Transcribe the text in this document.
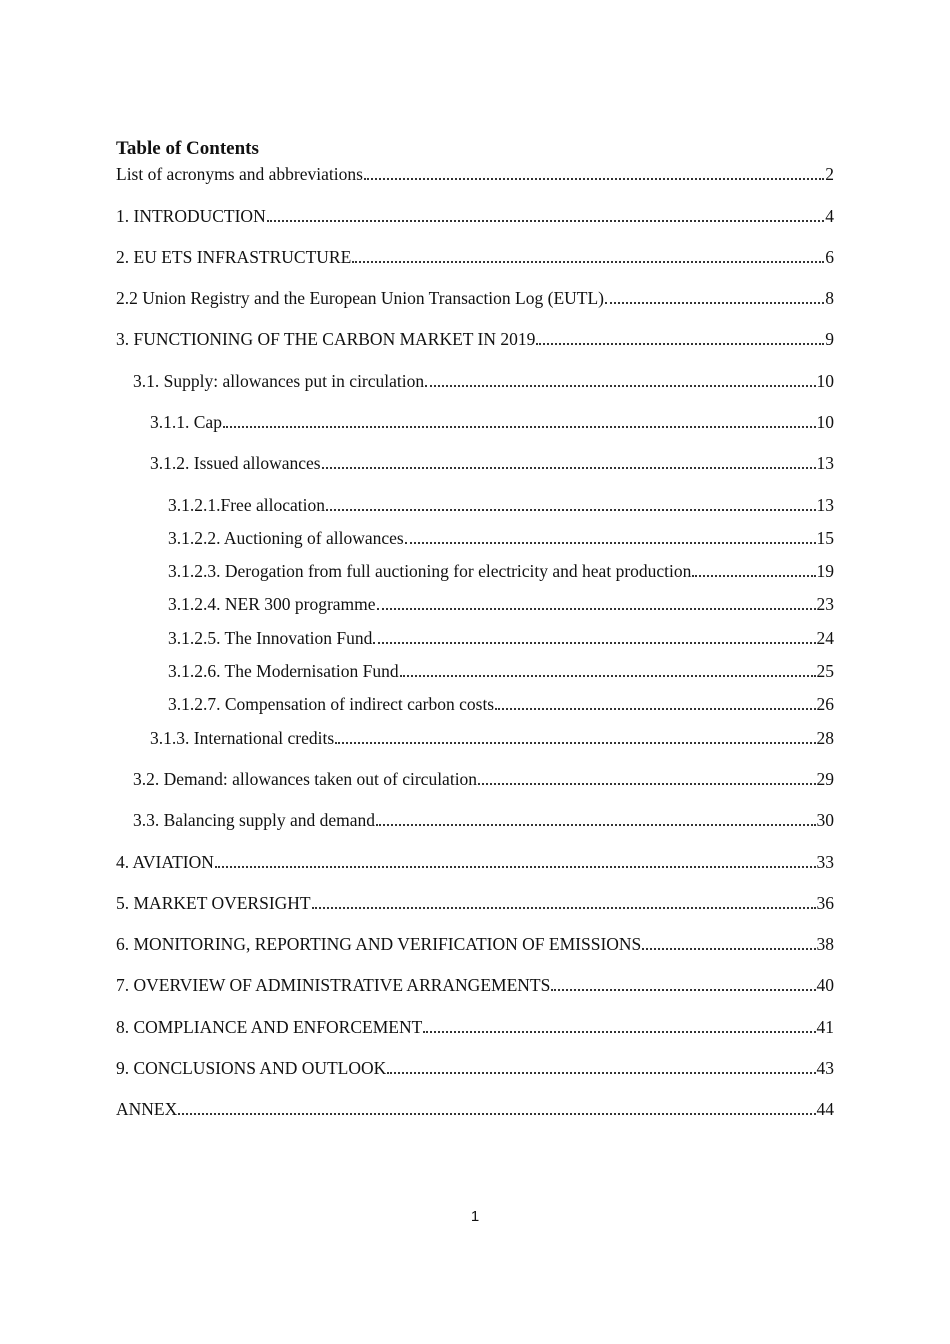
Table of Contents
List of acronyms and abbreviations	2
1. INTRODUCTION	4
2. EU ETS INFRASTRUCTURE	6
2.2 Union Registry and the European Union Transaction Log (EUTL)	8
3. FUNCTIONING OF THE CARBON MARKET IN 2019	9
3.1. Supply: allowances put in circulation	10
3.1.1. Cap	10
3.1.2. Issued allowances	13
3.1.2.1.Free allocation	13
3.1.2.2. Auctioning of allowances	15
3.1.2.3. Derogation from full auctioning for electricity and heat production	19
3.1.2.4. NER 300 programme	23
3.1.2.5. The Innovation Fund	24
3.1.2.6. The Modernisation Fund	25
3.1.2.7. Compensation of indirect carbon costs	26
3.1.3. International credits	28
3.2. Demand: allowances taken out of circulation	29
3.3. Balancing supply and demand	30
4. AVIATION	33
5. MARKET OVERSIGHT	36
6. MONITORING, REPORTING AND VERIFICATION OF EMISSIONS	38
7. OVERVIEW OF ADMINISTRATIVE ARRANGEMENTS	40
8. COMPLIANCE AND ENFORCEMENT	41
9. CONCLUSIONS AND OUTLOOK	43
ANNEX	44
1
